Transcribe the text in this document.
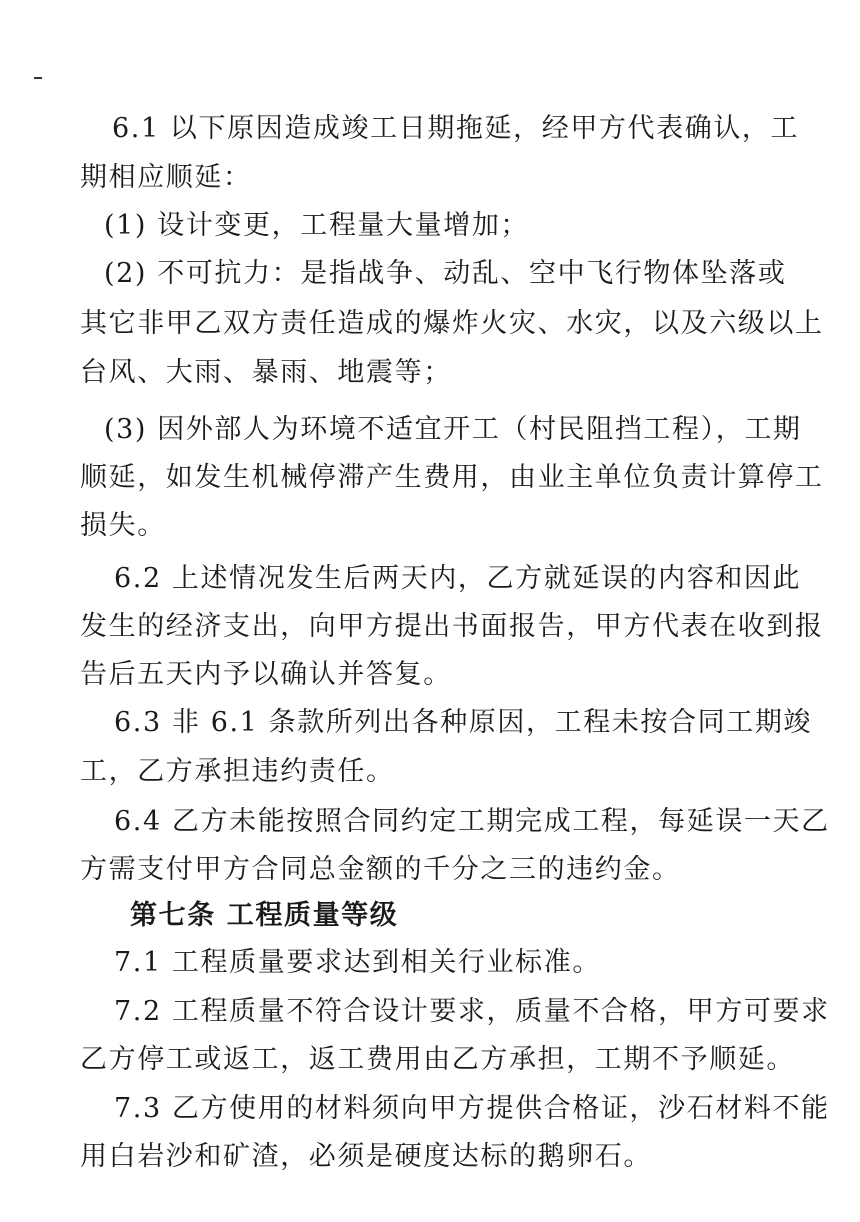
6.1 以下原因造成竣工日期拖延，经甲方代表确认，工
期相应顺延：
(1) 设计变更，工程量大量增加；
(2) 不可抗力：是指战争、动乱、空中飞行物体坠落或
其它非甲乙双方责任造成的爆炸火灾、水灾，以及六级以上
台风、大雨、暴雨、地震等；
(3) 因外部人为环境不适宜开工（村民阻挡工程），工期
顺延，如发生机械停滞产生费用，由业主单位负责计算停工
损失。
6.2 上述情况发生后两天内，乙方就延误的内容和因此
发生的经济支出，向甲方提出书面报告，甲方代表在收到报
告后五天内予以确认并答复。
6.3 非 6.1 条款所列出各种原因，工程未按合同工期竣
工，乙方承担违约责任。
6.4 乙方未能按照合同约定工期完成工程，每延误一天乙
方需支付甲方合同总金额的千分之三的违约金。
第七条 工程质量等级
7.1 工程质量要求达到相关行业标准。
7.2 工程质量不符合设计要求，质量不合格，甲方可要求
乙方停工或返工，返工费用由乙方承担，工期不予顺延。
7.3 乙方使用的材料须向甲方提供合格证，沙石材料不能
用白岩沙和矿渣，必须是硬度达标的鹅卵石。
